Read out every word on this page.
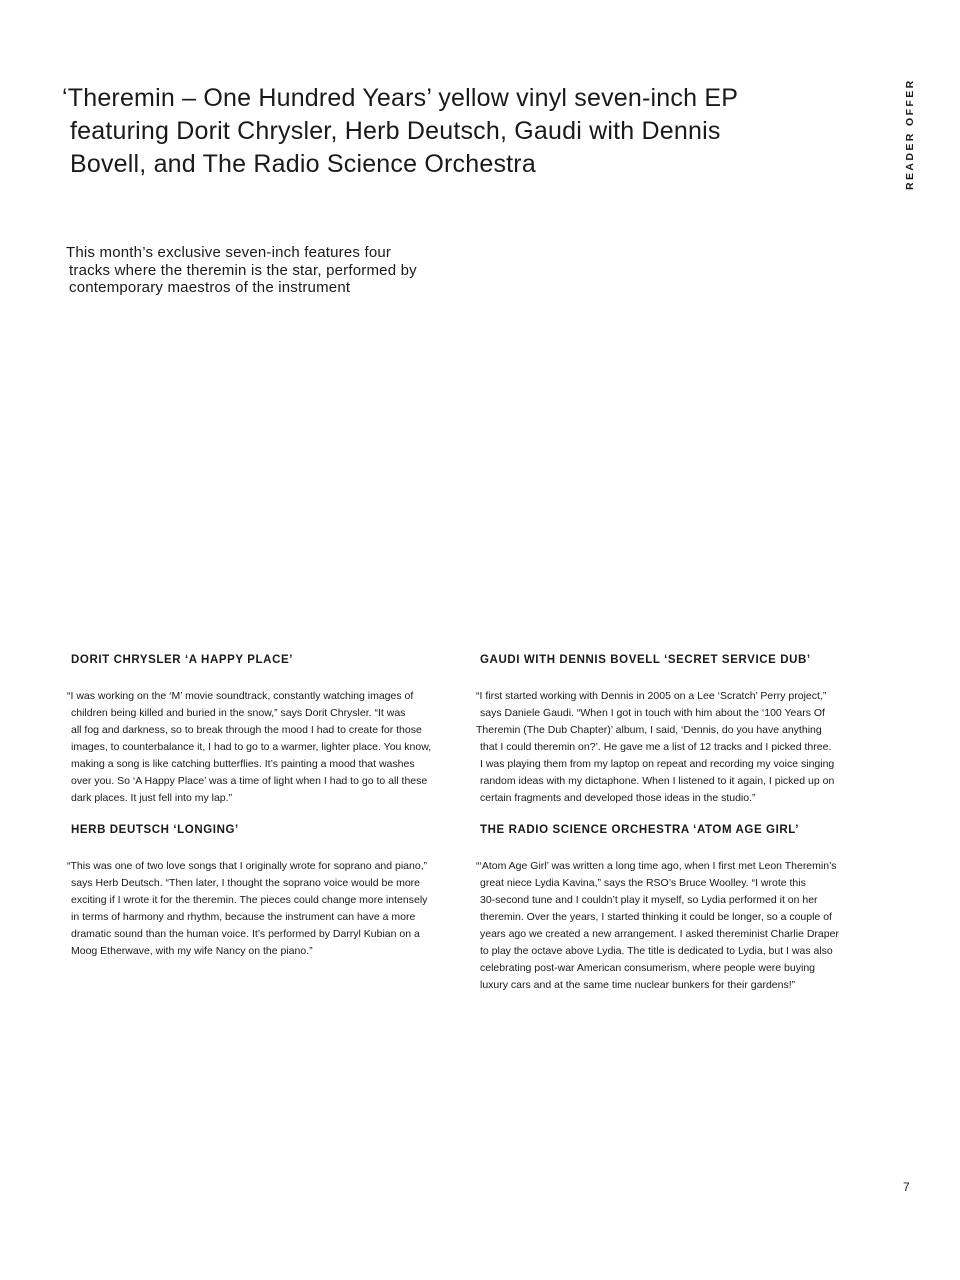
‘Theremin – One Hundred Years’ yellow vinyl seven-inch EP
featuring Dorit Chrysler, Herb Deutsch, Gaudi with Dennis
Bovell, and The Radio Science Orchestra	READER OFFER

This month’s exclusive seven-inch features four
tracks where the theremin is the star, performed by
contemporary maestros of the instrument

DORIT CHRYSLER ‘A HAPPY PLACE’

“I was working on the ‘M’ movie soundtrack, constantly watching images of
children being killed and buried in the snow,” says Dorit Chrysler. “It was
all fog and darkness, so to break through the mood I had to create for those
images, to counterbalance it, I had to go to a warmer, lighter place. You know,
making a song is like catching butterflies. It’s painting a mood that washes
over you. So ‘A Happy Place’ was a time of light when I had to go to all these
dark places. It just fell into my lap.”

GAUDI WITH DENNIS BOVELL ‘SECRET SERVICE DUB’

“I first started working with Dennis in 2005 on a Lee ‘Scratch’ Perry project,”
says Daniele Gaudi. “When I got in touch with him about the ‘100 Years Of
Theremin (The Dub Chapter)’ album, I said, ‘Dennis, do you have anything
that I could theremin on?’. He gave me a list of 12 tracks and I picked three.
I was playing them from my laptop on repeat and recording my voice singing
random ideas with my dictaphone. When I listened to it again, I picked up on
certain fragments and developed those ideas in the studio.”

HERB DEUTSCH ‘LONGING’

“This was one of two love songs that I originally wrote for soprano and piano,”
says Herb Deutsch. “Then later, I thought the soprano voice would be more
exciting if I wrote it for the theremin. The pieces could change more intensely
in terms of harmony and rhythm, because the instrument can have a more
dramatic sound than the human voice. It’s performed by Darryl Kubian on a
Moog Etherwave, with my wife Nancy on the piano.”

THE RADIO SCIENCE ORCHESTRA ‘ATOM AGE GIRL’

“‘Atom Age Girl’ was written a long time ago, when I first met Leon Theremin’s
great niece Lydia Kavina,” says the RSO’s Bruce Woolley. “I wrote this
30-second tune and I couldn’t play it myself, so Lydia performed it on her
theremin. Over the years, I started thinking it could be longer, so a couple of
years ago we created a new arrangement. I asked thereminist Charlie Draper
to play the octave above Lydia. The title is dedicated to Lydia, but I was also
celebrating post-war American consumerism, where people were buying
luxury cars and at the same time nuclear bunkers for their gardens!”

7
